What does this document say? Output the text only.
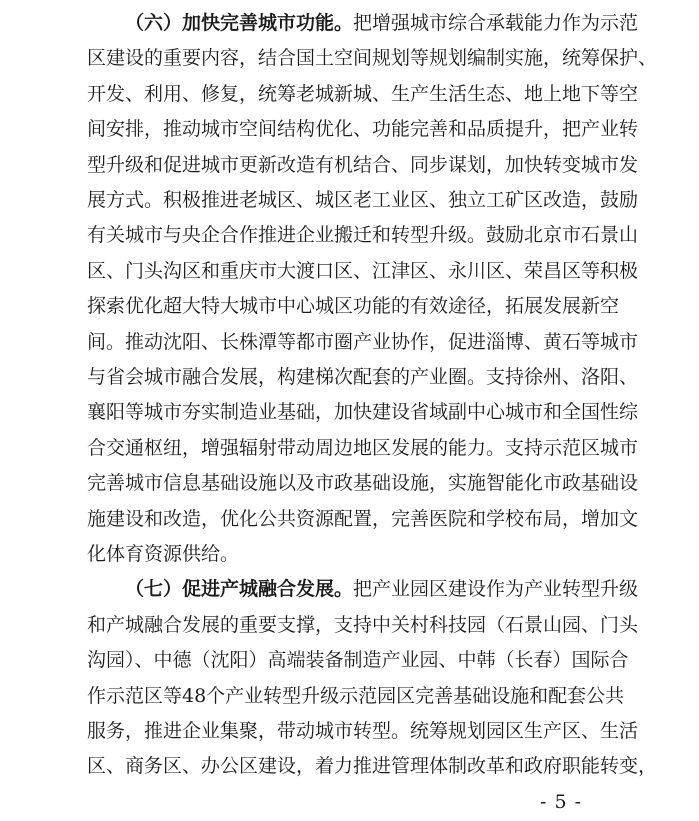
（六）加快完善城市功能。把增强城市综合承载能力作为示范
区建设的重要内容，结合国土空间规划等规划编制实施，统筹保护、
开发、利用、修复，统筹老城新城、生产生活生态、地上地下等空
间安排，推动城市空间结构优化、功能完善和品质提升，把产业转
型升级和促进城市更新改造有机结合、同步谋划，加快转变城市发
展方式。积极推进老城区、城区老工业区、独立工矿区改造，鼓励
有关城市与央企合作推进企业搬迁和转型升级。鼓励北京市石景山
区、门头沟区和重庆市大渡口区、江津区、永川区、荣昌区等积极
探索优化超大特大城市中心城区功能的有效途径，拓展发展新空
间。推动沈阳、长株潭等都市圈产业协作，促进淄博、黄石等城市
与省会城市融合发展，构建梯次配套的产业圈。支持徐州、洛阳、
襄阳等城市夯实制造业基础，加快建设省域副中心城市和全国性综
合交通枢纽，增强辐射带动周边地区发展的能力。支持示范区城市
完善城市信息基础设施以及市政基础设施，实施智能化市政基础设
施建设和改造，优化公共资源配置，完善医院和学校布局，增加文
化体育资源供给。
（七）促进产城融合发展。把产业园区建设作为产业转型升级
和产城融合发展的重要支撑，支持中关村科技园（石景山园、门头
沟园）、中德（沈阳）高端装备制造产业园、中韩（长春）国际合
作示范区等48个产业转型升级示范园区完善基础设施和配套公共
服务，推进企业集聚，带动城市转型。统筹规划园区生产区、生活
区、商务区、办公区建设，着力推进管理体制改革和政府职能转变，
- 5 -
